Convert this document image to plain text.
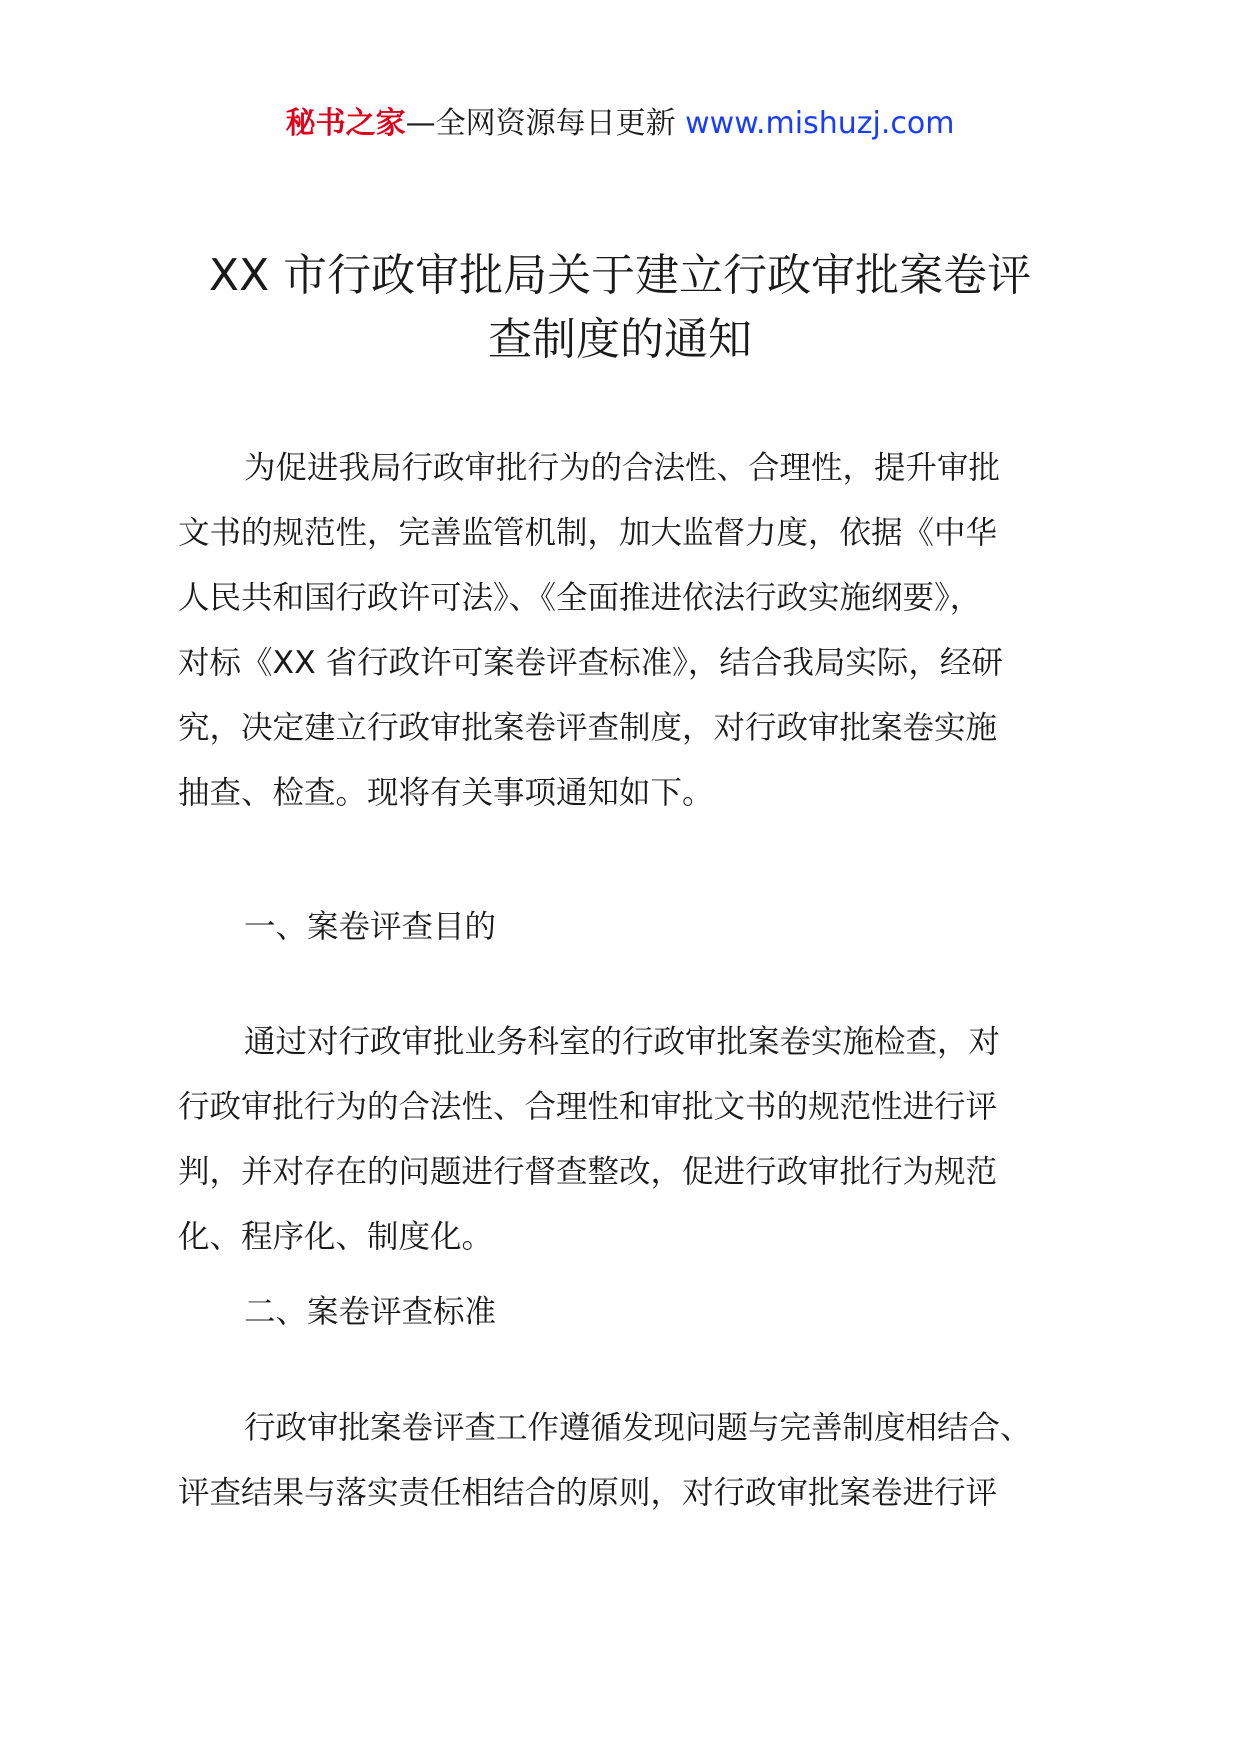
秘书之家—全网资源每日更新 www.mishuzj.com
XX 市行政审批局关于建立行政审批案卷评
查制度的通知
为促进我局行政审批行为的合法性、合理性，提升审批
文书的规范性，完善监管机制，加大监督力度，依据《中华
人民共和国行政许可法》、《全面推进依法行政实施纲要》，
对标《XX 省行政许可案卷评查标准》，结合我局实际，经研
究，决定建立行政审批案卷评查制度，对行政审批案卷实施
抽查、检查。现将有关事项通知如下。
一、案卷评查目的
通过对行政审批业务科室的行政审批案卷实施检查，对
行政审批行为的合法性、合理性和审批文书的规范性进行评
判，并对存在的问题进行督查整改，促进行政审批行为规范
化、程序化、制度化。
二、案卷评查标准
行政审批案卷评查工作遵循发现问题与完善制度相结合、
评查结果与落实责任相结合的原则，对行政审批案卷进行评
